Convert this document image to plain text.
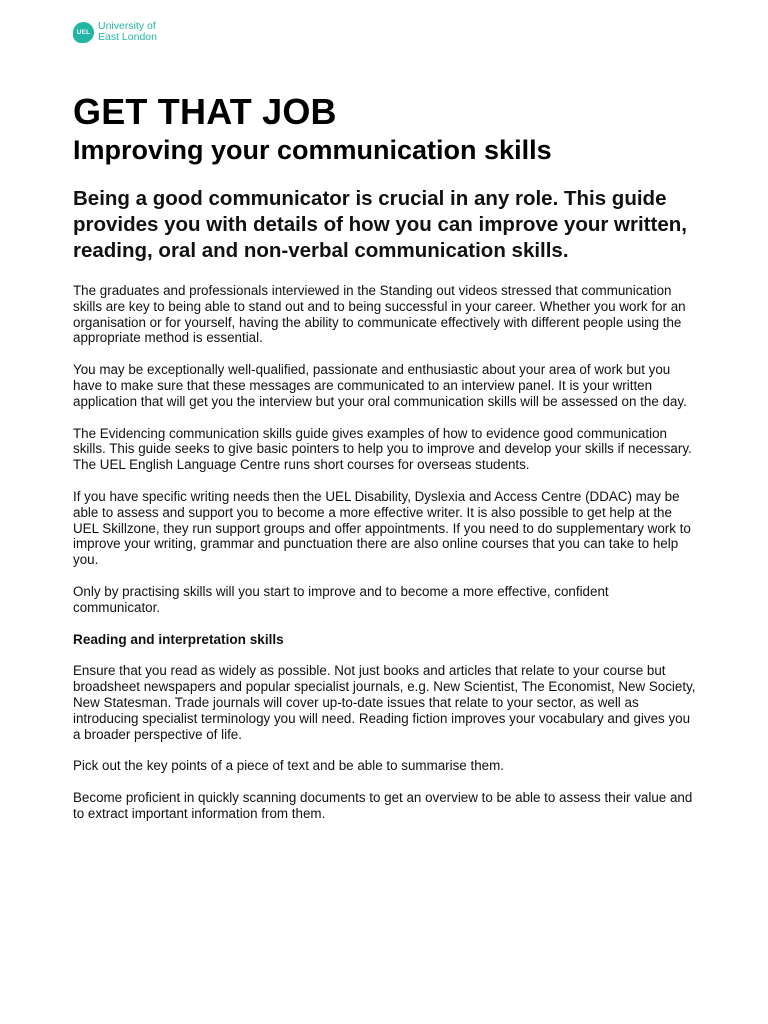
UEL University of
East London
GET THAT JOB
Improving your communication skills

Being a good communicator is crucial in any role. This guide provides you with details of how you can improve your written, reading, oral and non-verbal communication skills.

The graduates and professionals interviewed in the Standing out videos stressed that communication skills are key to being able to stand out and to being successful in your career. Whether you work for an organisation or for yourself, having the ability to communicate effectively with different people using the appropriate method is essential.

You may be exceptionally well-qualified, passionate and enthusiastic about your area of work but you have to make sure that these messages are communicated to an interview panel. It is your written application that will get you the interview but your oral communication skills will be assessed on the day.

The Evidencing communication skills guide gives examples of how to evidence good communication skills. This guide seeks to give basic pointers to help you to improve and develop your skills if necessary. The UEL English Language Centre runs short courses for overseas students.

If you have specific writing needs then the UEL Disability, Dyslexia and Access Centre (DDAC) may be able to assess and support you to become a more effective writer. It is also possible to get help at the UEL Skillzone, they run support groups and offer appointments. If you need to do supplementary work to improve your writing, grammar and punctuation there are also online courses that you can take to help you.

Only by practising skills will you start to improve and to become a more effective, confident communicator.

Reading and interpretation skills

Ensure that you read as widely as possible. Not just books and articles that relate to your course but broadsheet newspapers and popular specialist journals, e.g. New Scientist, The Economist, New Society, New Statesman. Trade journals will cover up-to-date issues that relate to your sector, as well as introducing specialist terminology you will need. Reading fiction improves your vocabulary and gives you a broader perspective of life.

Pick out the key points of a piece of text and be able to summarise them.

Become proficient in quickly scanning documents to get an overview to be able to assess their value and to extract important information from them.
